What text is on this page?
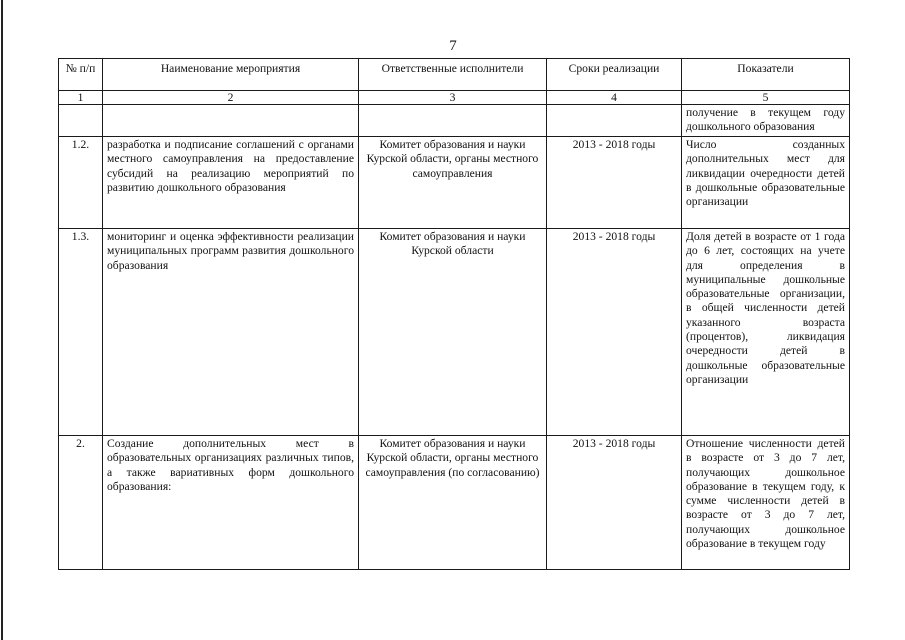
7
№ п/п	Наименование мероприятия	Ответственные исполнители	Сроки реализации	Показатели
1	2	3	4	5
				получение в текущем году дошкольного образования
1.2.	разработка и подписание соглашений с органами местного самоуправления на предоставление субсидий на реализацию мероприятий по развитию дошкольного образования	Комитет образования и науки Курской области, органы местного самоуправления	2013 - 2018 годы	Число созданных дополнительных мест для ликвидации очередности детей в дошкольные образовательные организации
1.3.	мониторинг и оценка эффективности реализации муниципальных программ развития дошкольного образования	Комитет образования и науки Курской области	2013 - 2018 годы	Доля детей в возрасте от 1 года до 6 лет, состоящих на учете для определения в муниципальные дошкольные образовательные организации, в общей численности детей указанного возраста (процентов), ликвидация очередности детей в дошкольные образовательные организации
2.	Создание дополнительных мест в образовательных организациях различных типов, а также вариативных форм дошкольного образования:	Комитет образования и науки Курской области, органы местного самоуправления (по согласованию)	2013 - 2018 годы	Отношение численности детей в возрасте от 3 до 7 лет, получающих дошкольное образование в текущем году, к сумме численности детей в возрасте от 3 до 7 лет, получающих дошкольное образование в текущем году
